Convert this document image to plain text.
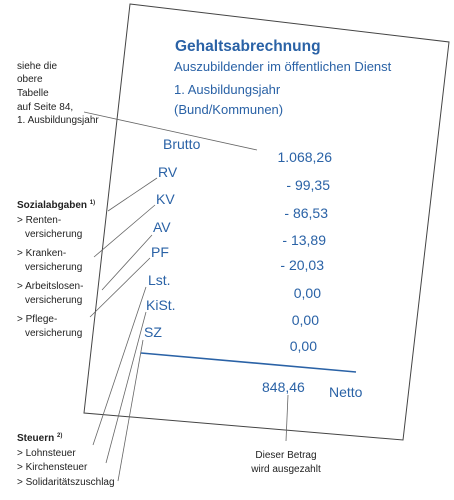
Gehaltsabrechnung
Auszubildender im öffentlichen Dienst
1. Ausbildungsjahr
(Bund/Kommunen)
Brutto
1.068,26
RV
- 99,35
KV
- 86,53
AV
- 13,89
PF
- 20,03
Lst.
0,00
KiSt.
0,00
SZ
0,00
848,46 Netto
siehe die
obere
Tabelle
auf Seite 84,
1. Ausbildungsjahr
Sozialabgaben $^{1)}$
> Renten-
versicherung
> Kranken-
versicherung
> Arbeitslosen-
versicherung
> Pflege-
versicherung
Steuern $^{2)}$
> Lohnsteuer
> Kirchensteuer
> Solidaritätszuschlag
Dieser Betrag
wird ausgezahlt
